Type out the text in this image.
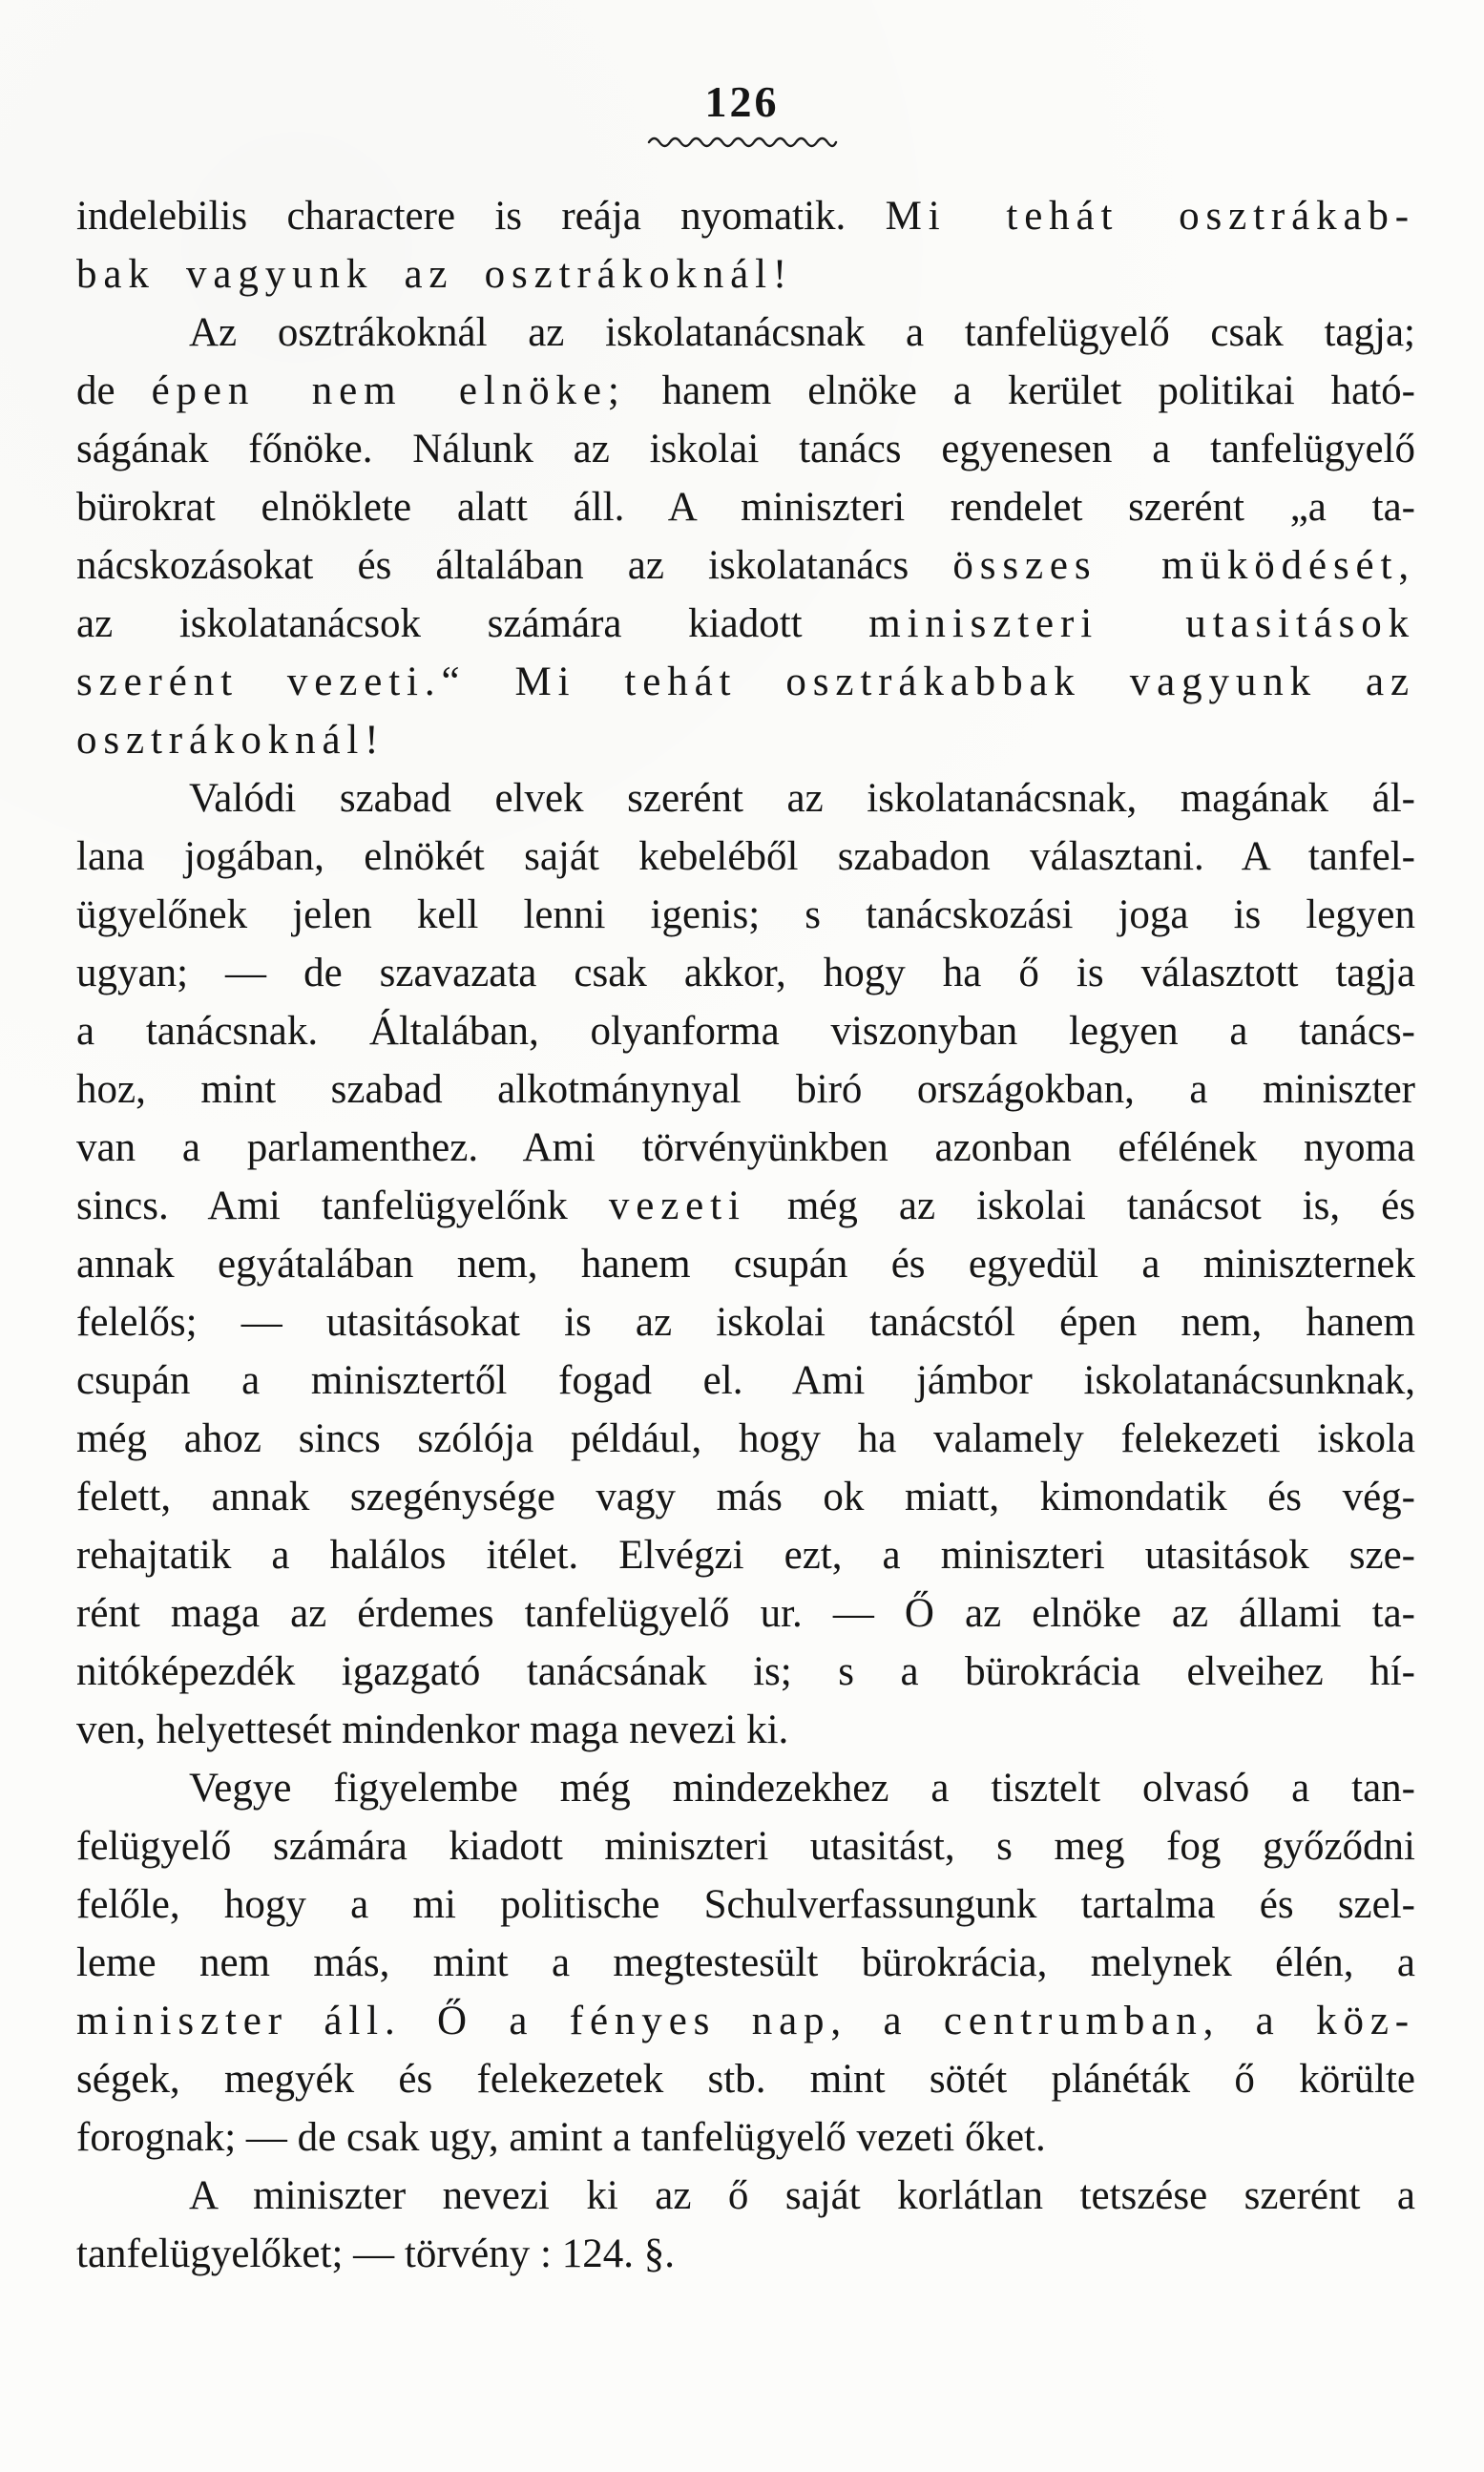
126
indelebilis charactere is reája nyomatik. Mi tehát osztrákab-
bak vagyunk az osztrákoknál!
Az osztrákoknál az iskolatanácsnak a tanfelügyelő csak tagja;
de épen nem elnöke; hanem elnöke a kerület politikai ható-
ságának főnöke. Nálunk az iskolai tanács egyenesen a tanfelügyelő
bürokrat elnöklete alatt áll. A miniszteri rendelet szerént „a ta-
nácskozásokat és általában az iskolatanács összes müködését,
az iskolatanácsok számára kiadott miniszteri utasitások
szerént vezeti.“ Mi tehát osztrákabbak vagyunk az
osztrákoknál!
Valódi szabad elvek szerént az iskolatanácsnak, magának ál-
lana jogában, elnökét saját kebeléből szabadon választani. A tanfel-
ügyelőnek jelen kell lenni igenis; s tanácskozási joga is legyen
ugyan; — de szavazata csak akkor, hogy ha ő is választott tagja
a tanácsnak. Általában, olyanforma viszonyban legyen a tanács-
hoz, mint szabad alkotmánynyal biró országokban, a miniszter
van a parlamenthez. Ami törvényünkben azonban efélének nyoma
sincs. Ami tanfelügyelőnk vezeti még az iskolai tanácsot is, és
annak egyátalában nem, hanem csupán és egyedül a miniszternek
felelős; — utasitásokat is az iskolai tanácstól épen nem, hanem
csupán a minisztertől fogad el. Ami jámbor iskolatanácsunknak,
még ahoz sincs szólója például, hogy ha valamely felekezeti iskola
felett, annak szegénysége vagy más ok miatt, kimondatik és vég-
rehajtatik a halálos itélet. Elvégzi ezt, a miniszteri utasitások sze-
rént maga az érdemes tanfelügyelő ur. — Ő az elnöke az állami ta-
nitóképezdék igazgató tanácsának is; s a bürokrácia elveihez hí-
ven, helyettesét mindenkor maga nevezi ki.
Vegye figyelembe még mindezekhez a tisztelt olvasó a tan-
felügyelő számára kiadott miniszteri utasitást, s meg fog győződni
felőle, hogy a mi politische Schulverfassungunk tartalma és szel-
leme nem más, mint a megtestesült bürokrácia, melynek élén, a
miniszter áll. Ő a fényes nap, a centrumban, a köz-
ségek, megyék és felekezetek stb. mint sötét plánéták ő körülte
forognak; — de csak ugy, amint a tanfelügyelő vezeti őket.
A miniszter nevezi ki az ő saját korlátlan tetszése szerént a
tanfelügyelőket; — törvény : 124. §.
